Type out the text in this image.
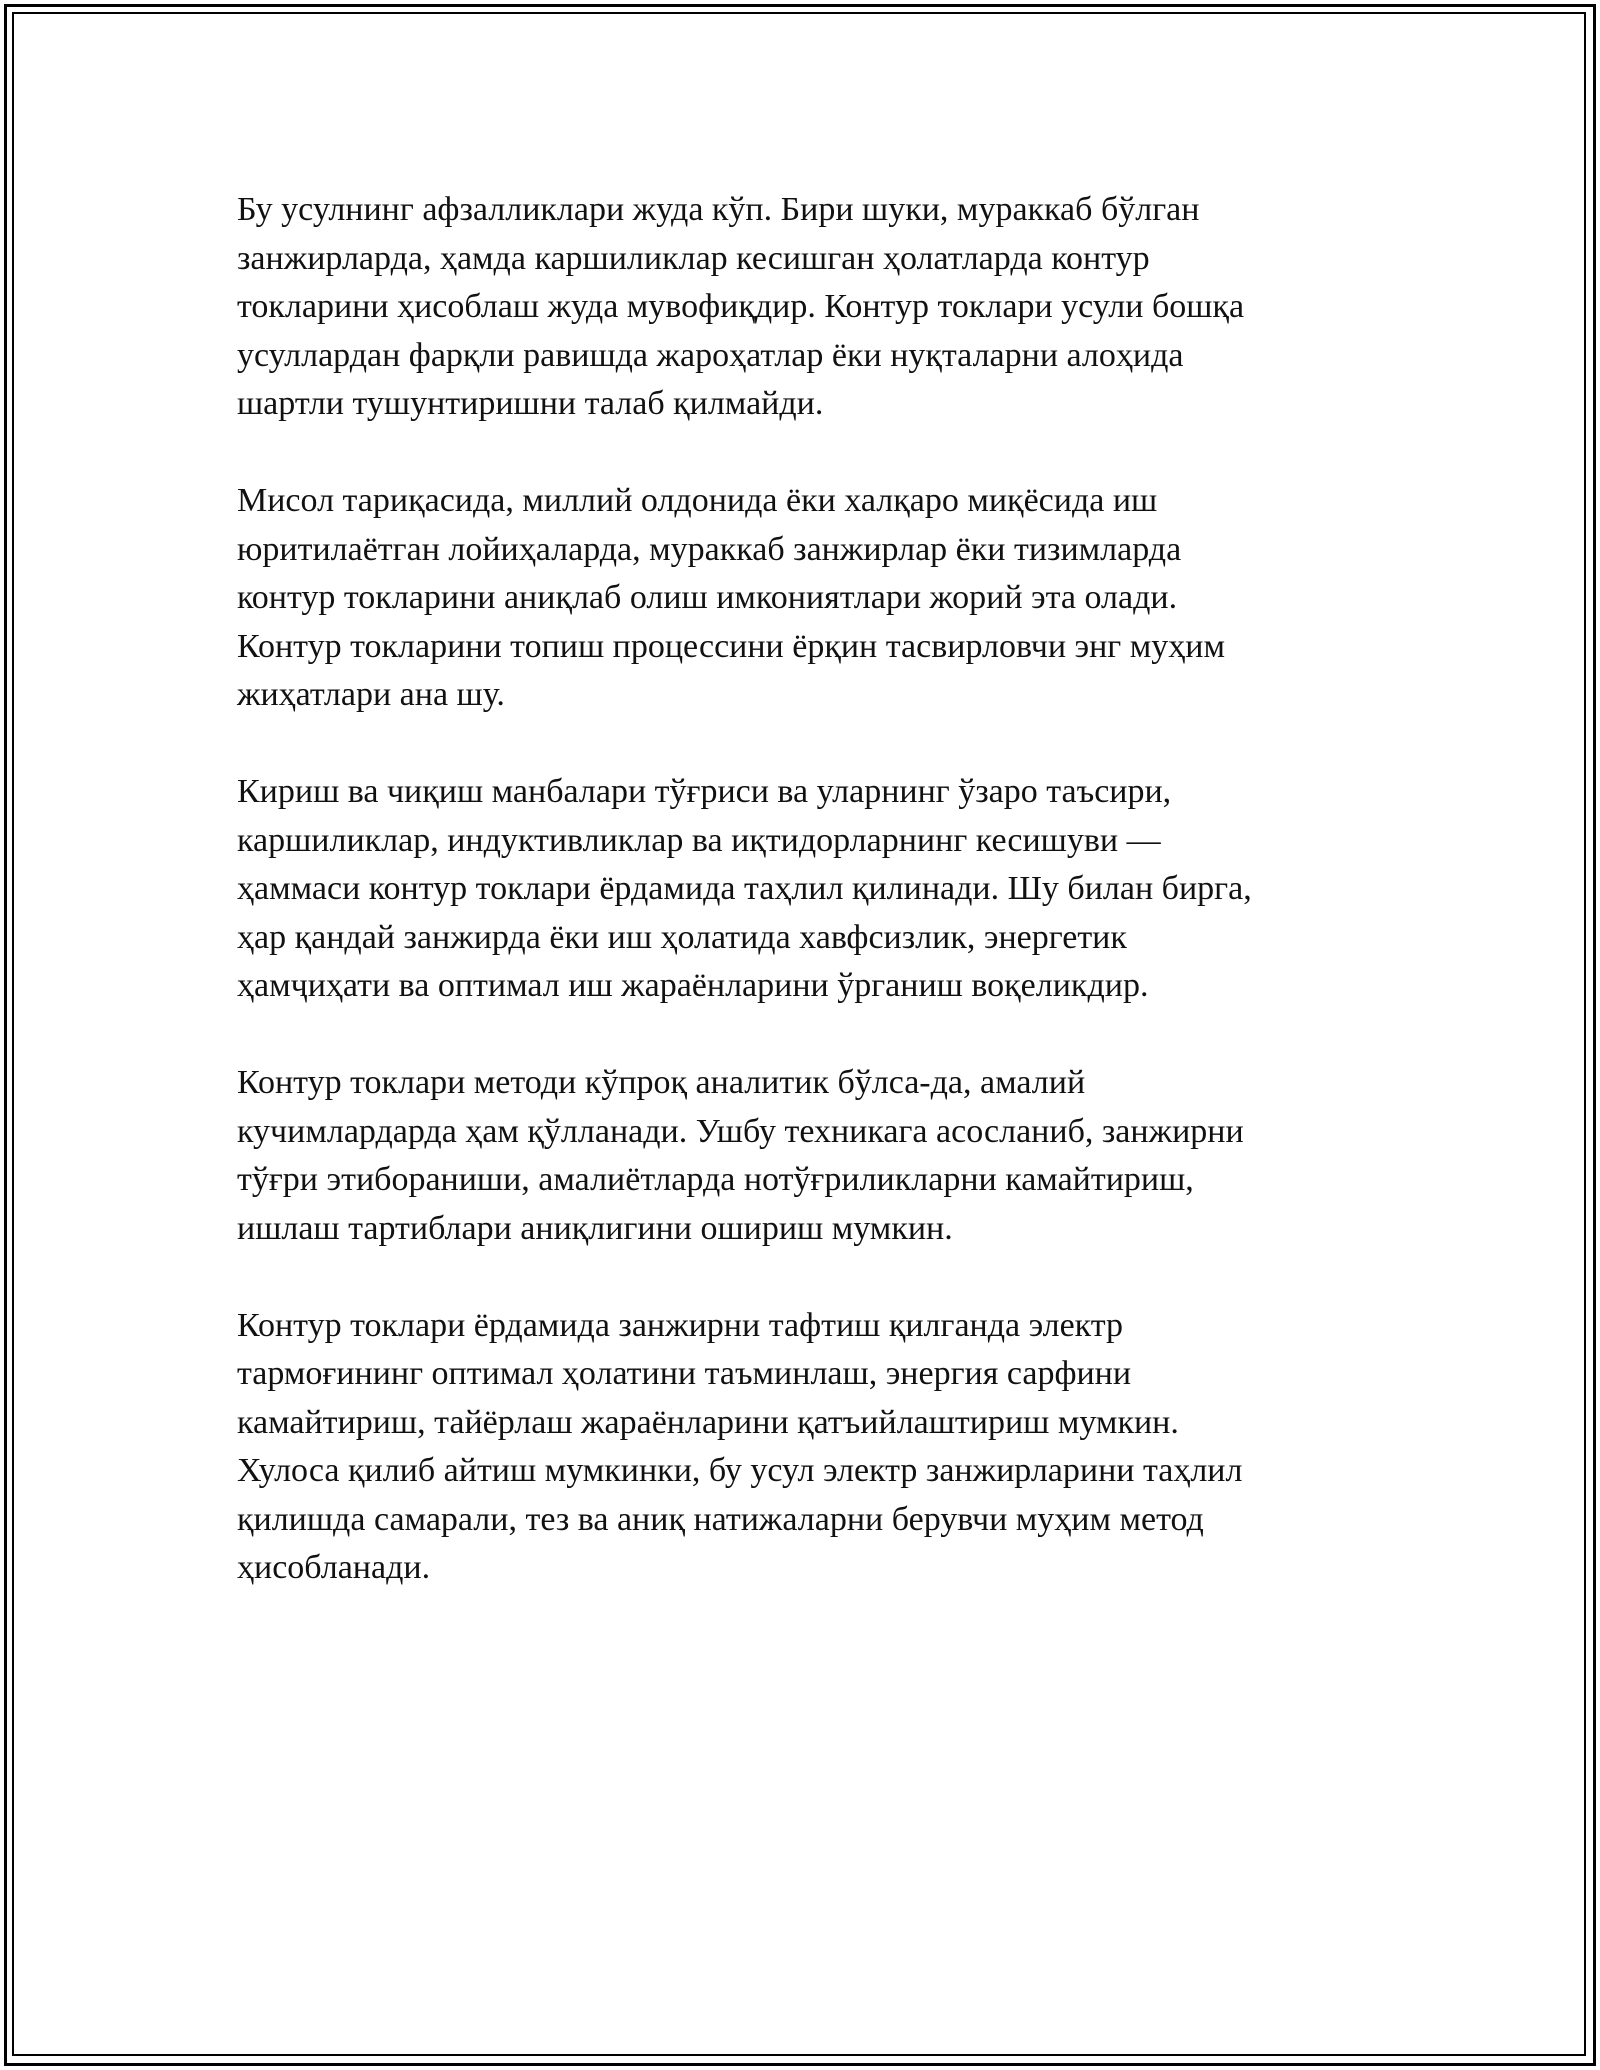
Бу усулнинг афзалликлари жуда кўп. Бири шуки, мураккаб бўлган
занжирларда, ҳамда каршиликлар кесишган ҳолатларда контур
токларини ҳисоблаш жуда мувофиқдир. Контур токлари усули бошқа
усуллардан фарқли равишда жароҳатлар ёки нуқталарни алоҳида
шартли тушунтиришни талаб қилмайди.

Мисол тариқасида, миллий олдонида ёки халқаро миқёсида иш
юритилаётган лойиҳаларда, мураккаб занжирлар ёки тизимларда
контур токларини аниқлаб олиш имкониятлари жорий эта олади.
Контур токларини топиш процессини ёрқин тасвирловчи энг муҳим
жиҳатлари ана шу.

Кириш ва чиқиш манбалари тўғриси ва уларнинг ўзаро таъсири,
каршиликлар, индуктивликлар ва иқтидорларнинг кесишуви —
ҳаммаси контур токлари ёрдамида таҳлил қилинади. Шу билан бирга,
ҳар қандай занжирда ёки иш ҳолатида хавфсизлик, энергетик
ҳамҷиҳати ва оптимал иш жараёнларини ўрганиш воқеликдир.

Контур токлари методи кўпроқ аналитик бўлса-да, амалий
кучимлардарда ҳам қўлланади. Ушбу техникага асосланиб, занжирни
тўғри этибораниши, амалиётларда нотўғриликларни камайтириш,
ишлаш тартиблари аниқлигини ошириш мумкин.

Контур токлари ёрдамида занжирни тафтиш қилганда электр
тармоғининг оптимал ҳолатини таъминлаш, энергия сарфини
камайтириш, тайёрлаш жараёнларини қатъийлаштириш мумкин.
Хулоса қилиб айтиш мумкинки, бу усул электр занжирларини таҳлил
қилишда самарали, тез ва аниқ натижаларни берувчи муҳим метод
ҳисобланади.
